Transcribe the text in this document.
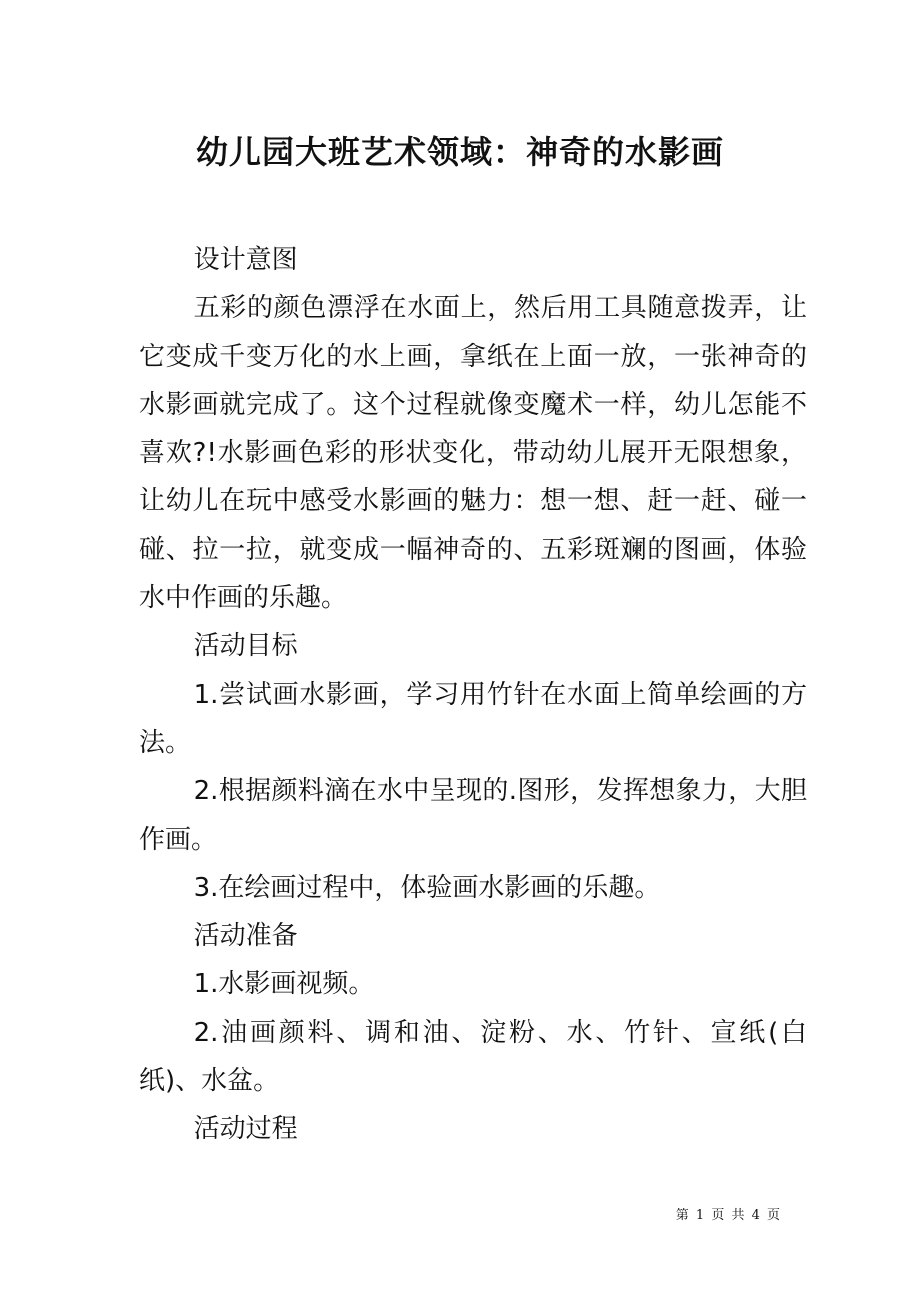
幼儿园大班艺术领域：神奇的水影画

设计意图

五彩的颜色漂浮在水面上，然后用工具随意拨弄，让它变成千变万化的水上画，拿纸在上面一放，一张神奇的水影画就完成了。这个过程就像变魔术一样，幼儿怎能不喜欢?!水影画色彩的形状变化，带动幼儿展开无限想象，让幼儿在玩中感受水影画的魅力：想一想、赶一赶、碰一碰、拉一拉，就变成一幅神奇的、五彩斑斓的图画，体验水中作画的乐趣。

活动目标

1.尝试画水影画，学习用竹针在水面上简单绘画的方法。

2.根据颜料滴在水中呈现的.图形，发挥想象力，大胆作画。

3.在绘画过程中，体验画水影画的乐趣。

活动准备

1.水影画视频。

2.油画颜料、调和油、淀粉、水、竹针、宣纸(白纸)、水盆。

活动过程

第 1 页 共 4 页
